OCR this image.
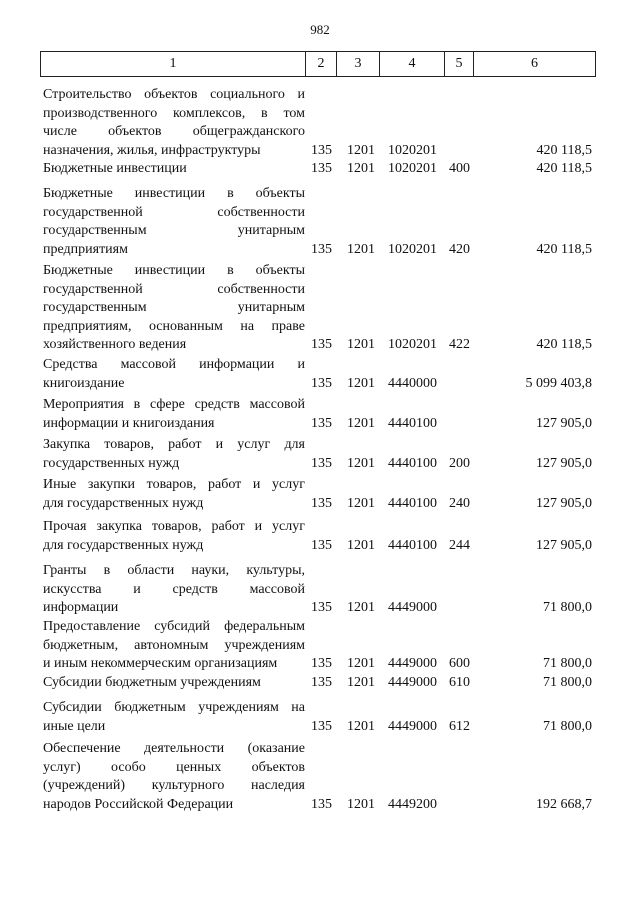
982
1	2	3	4	5	6
Строительство объектов социального и
производственного комплексов, в том
числе объектов общегражданского
назначения, жилья, инфраструктуры	135 1201 1020201	420 118,5
Бюджетные инвестиции	135 1201 1020201 400	420 118,5
Бюджетные инвестиции в объекты
государственной собственности
государственным унитарным
предприятиям	135 1201 1020201 420	420 118,5
Бюджетные инвестиции в объекты
государственной собственности
государственным унитарным
предприятиям, основанным на праве
хозяйственного ведения	135 1201 1020201 422	420 118,5
Средства массовой информации и
книгоиздание	135 1201 4440000	5 099 403,8
Мероприятия в сфере средств массовой
информации и книгоиздания	135 1201 4440100	127 905,0
Закупка товаров, работ и услуг для
государственных нужд	135 1201 4440100 200	127 905,0
Иные закупки товаров, работ и услуг
для государственных нужд	135 1201 4440100 240	127 905,0
Прочая закупка товаров, работ и услуг
для государственных нужд	135 1201 4440100 244	127 905,0
Гранты в области науки, культуры,
искусства и средств массовой
информации	135 1201 4449000	71 800,0
Предоставление субсидий федеральным
бюджетным, автономным учреждениям
и иным некоммерческим организациям	135 1201 4449000 600	71 800,0
Субсидии бюджетным учреждениям	135 1201 4449000 610	71 800,0
Субсидии бюджетным учреждениям на
иные цели	135 1201 4449000 612	71 800,0
Обеспечение деятельности (оказание
услуг) особо ценных объектов
(учреждений) культурного наследия
народов Российской Федерации	135 1201 4449200	192 668,7
